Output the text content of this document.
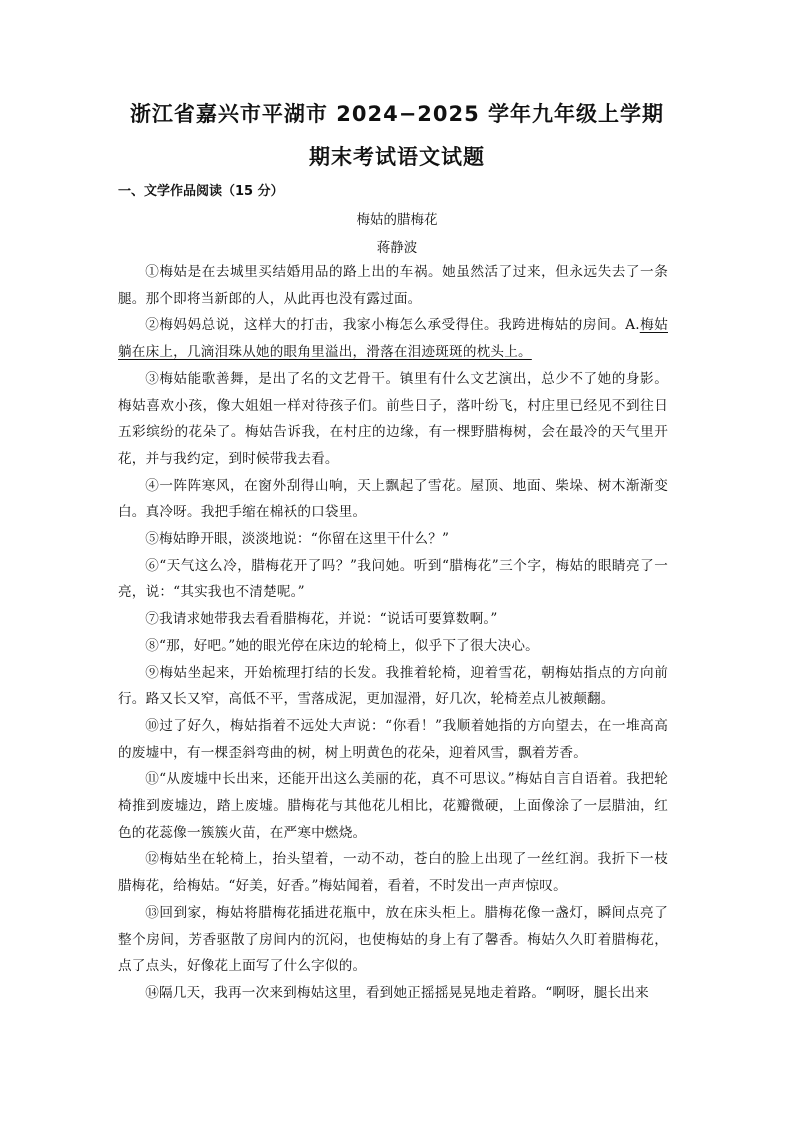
浙江省嘉兴市平湖市 2024−2025 学年九年级上学期
期末考试语文试题
一、文学作品阅读（15 分）
梅姑的腊梅花
蒋静波

①梅姑是在去城里买结婚用品的路上出的车祸。她虽然活了过来，但永远失去了一条腿。那个即将当新郎的人，从此再也没有露过面。

②梅妈妈总说，这样大的打击，我家小梅怎么承受得住。我跨进梅姑的房间。A.梅姑躺在床上，几滴泪珠从她的眼角里溢出，滑落在泪迹斑斑的枕头上。

③梅姑能歌善舞，是出了名的文艺骨干。镇里有什么文艺演出，总少不了她的身影。梅姑喜欢小孩，像大姐姐一样对待孩子们。前些日子，落叶纷飞，村庄里已经见不到往日五彩缤纷的花朵了。梅姑告诉我，在村庄的边缘，有一棵野腊梅树，会在最冷的天气里开花，并与我约定，到时候带我去看。

④一阵阵寒风，在窗外刮得山响，天上飘起了雪花。屋顶、地面、柴垛、树木渐渐变白。真冷呀。我把手缩在棉袄的口袋里。

⑤梅姑睁开眼，淡淡地说：“你留在这里干什么？”

⑥“天气这么冷，腊梅花开了吗？”我问她。听到“腊梅花”三个字，梅姑的眼睛亮了一亮，说：“其实我也不清楚呢。”

⑦我请求她带我去看看腊梅花，并说：“说话可要算数啊。”

⑧“那，好吧。”她的眼光停在床边的轮椅上，似乎下了很大决心。

⑨梅姑坐起来，开始梳理打结的长发。我推着轮椅，迎着雪花，朝梅姑指点的方向前行。路又长又窄，高低不平，雪落成泥，更加湿滑，好几次，轮椅差点儿被颠翻。

⑩过了好久，梅姑指着不远处大声说：“你看！”我顺着她指的方向望去，在一堆高高的废墟中，有一棵歪斜弯曲的树，树上明黄色的花朵，迎着风雪，飘着芳香。

⑪“从废墟中长出来，还能开出这么美丽的花，真不可思议。”梅姑自言自语着。我把轮椅推到废墟边，踏上废墟。腊梅花与其他花儿相比，花瓣微硬，上面像涂了一层腊油，红色的花蕊像一簇簇火苗，在严寒中燃烧。

⑫梅姑坐在轮椅上，抬头望着，一动不动，苍白的脸上出现了一丝红润。我折下一枝腊梅花，给梅姑。“好美，好香。”梅姑闻着，看着，不时发出一声声惊叹。

⑬回到家，梅姑将腊梅花插进花瓶中，放在床头柜上。腊梅花像一盏灯，瞬间点亮了整个房间，芳香驱散了房间内的沉闷，也使梅姑的身上有了馨香。梅姑久久盯着腊梅花，点了点头，好像花上面写了什么字似的。

⑭隔几天，我再一次来到梅姑这里，看到她正摇摇晃晃地走着路。“啊呀，腿长出来
